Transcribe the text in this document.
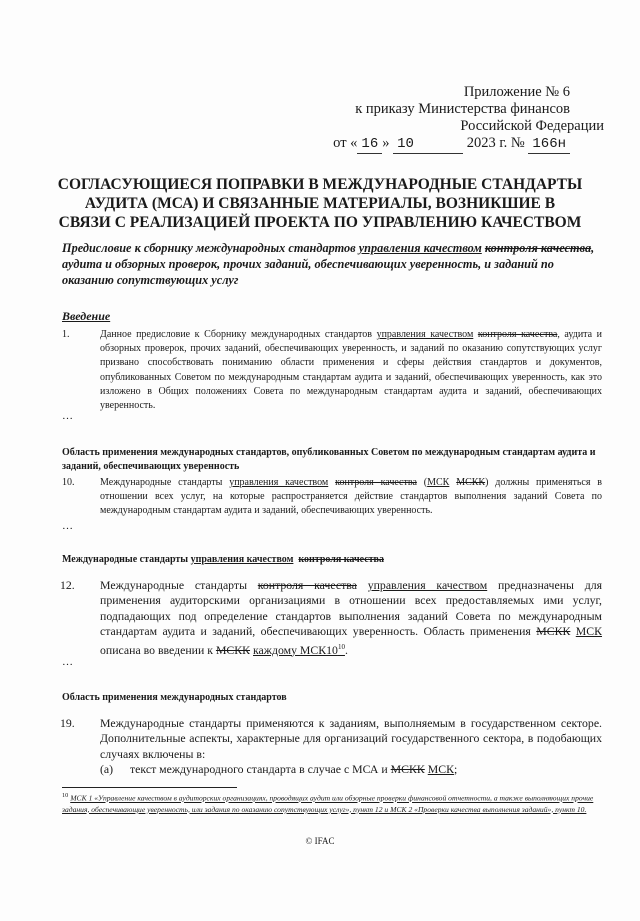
Приложение № 6
к приказу Министерства финансов
Российской Федерации
от « 16 » 10	2023 г. № 166н
СОГЛАСУЮЩИЕСЯ ПОПРАВКИ В МЕЖДУНАРОДНЫЕ СТАНДАРТЫ
АУДИТА (МСА) И СВЯЗАННЫЕ МАТЕРИАЛЫ, ВОЗНИКШИЕ В
СВЯЗИ С РЕАЛИЗАЦИЕЙ ПРОЕКТА ПО УПРАВЛЕНИЮ КАЧЕСТВОМ
Предисловие к сборнику международных стандартов управления качеством контроля качества, аудита и обзорных проверок, прочих заданий, обеспечивающих уверенность, и заданий по оказанию сопутствующих услуг
Введение
1.	Данное предисловие к Сборнику международных стандартов управления качеством контроля качества, аудита и обзорных проверок, прочих заданий, обеспечивающих уверенность, и заданий по оказанию сопутствующих услуг призвано способствовать пониманию области применения и сферы действия стандартов и документов, опубликованных Советом по международным стандартам аудита и заданий, обеспечивающих уверенность, как это изложено в Общих положениях Совета по международным стандартам аудита и заданий, обеспечивающих уверенность.
…
Область применения международных стандартов, опубликованных Советом по международным стандартам аудита и заданий, обеспечивающих уверенность
10.	Международные стандарты управления качеством контроля качества (МСК МСКК) должны применяться в отношении всех услуг, на которые распространяется действие стандартов выполнения заданий Совета по международным стандартам аудита и заданий, обеспечивающих уверенность.
…
Международные стандарты управления качеством контроля качества
12. Международные стандарты контроля качества управления качеством предназначены для применения аудиторскими организациями в отношении всех предоставляемых ими услуг, подпадающих под определение стандартов выполнения заданий Совета по международным стандартам аудита и заданий, обеспечивающих уверенность. Область применения МСКК МСК описана во введении к МСКК каждому $МСК10^{10}$.
…
Область применения международных стандартов
19. Международные стандарты применяются к заданиям, выполняемым в государственном секторе. Дополнительные аспекты, характерные для организаций государственного сектора, в подобающих случаях включены в:
(a) текст международного стандарта в случае с МСА и МСКК МСК;
$^{10}$ МСК 1 «Управление качеством в аудиторских организациях, проводящих аудит или обзорные проверки финансовой отчетности, а также выполняющих прочие задания, обеспечивающие уверенность, или задания по оказанию сопутствующих услуг», пункт 12 и МСК 2 «Проверки качества выполнения заданий», пункт 10.
© IFAC
